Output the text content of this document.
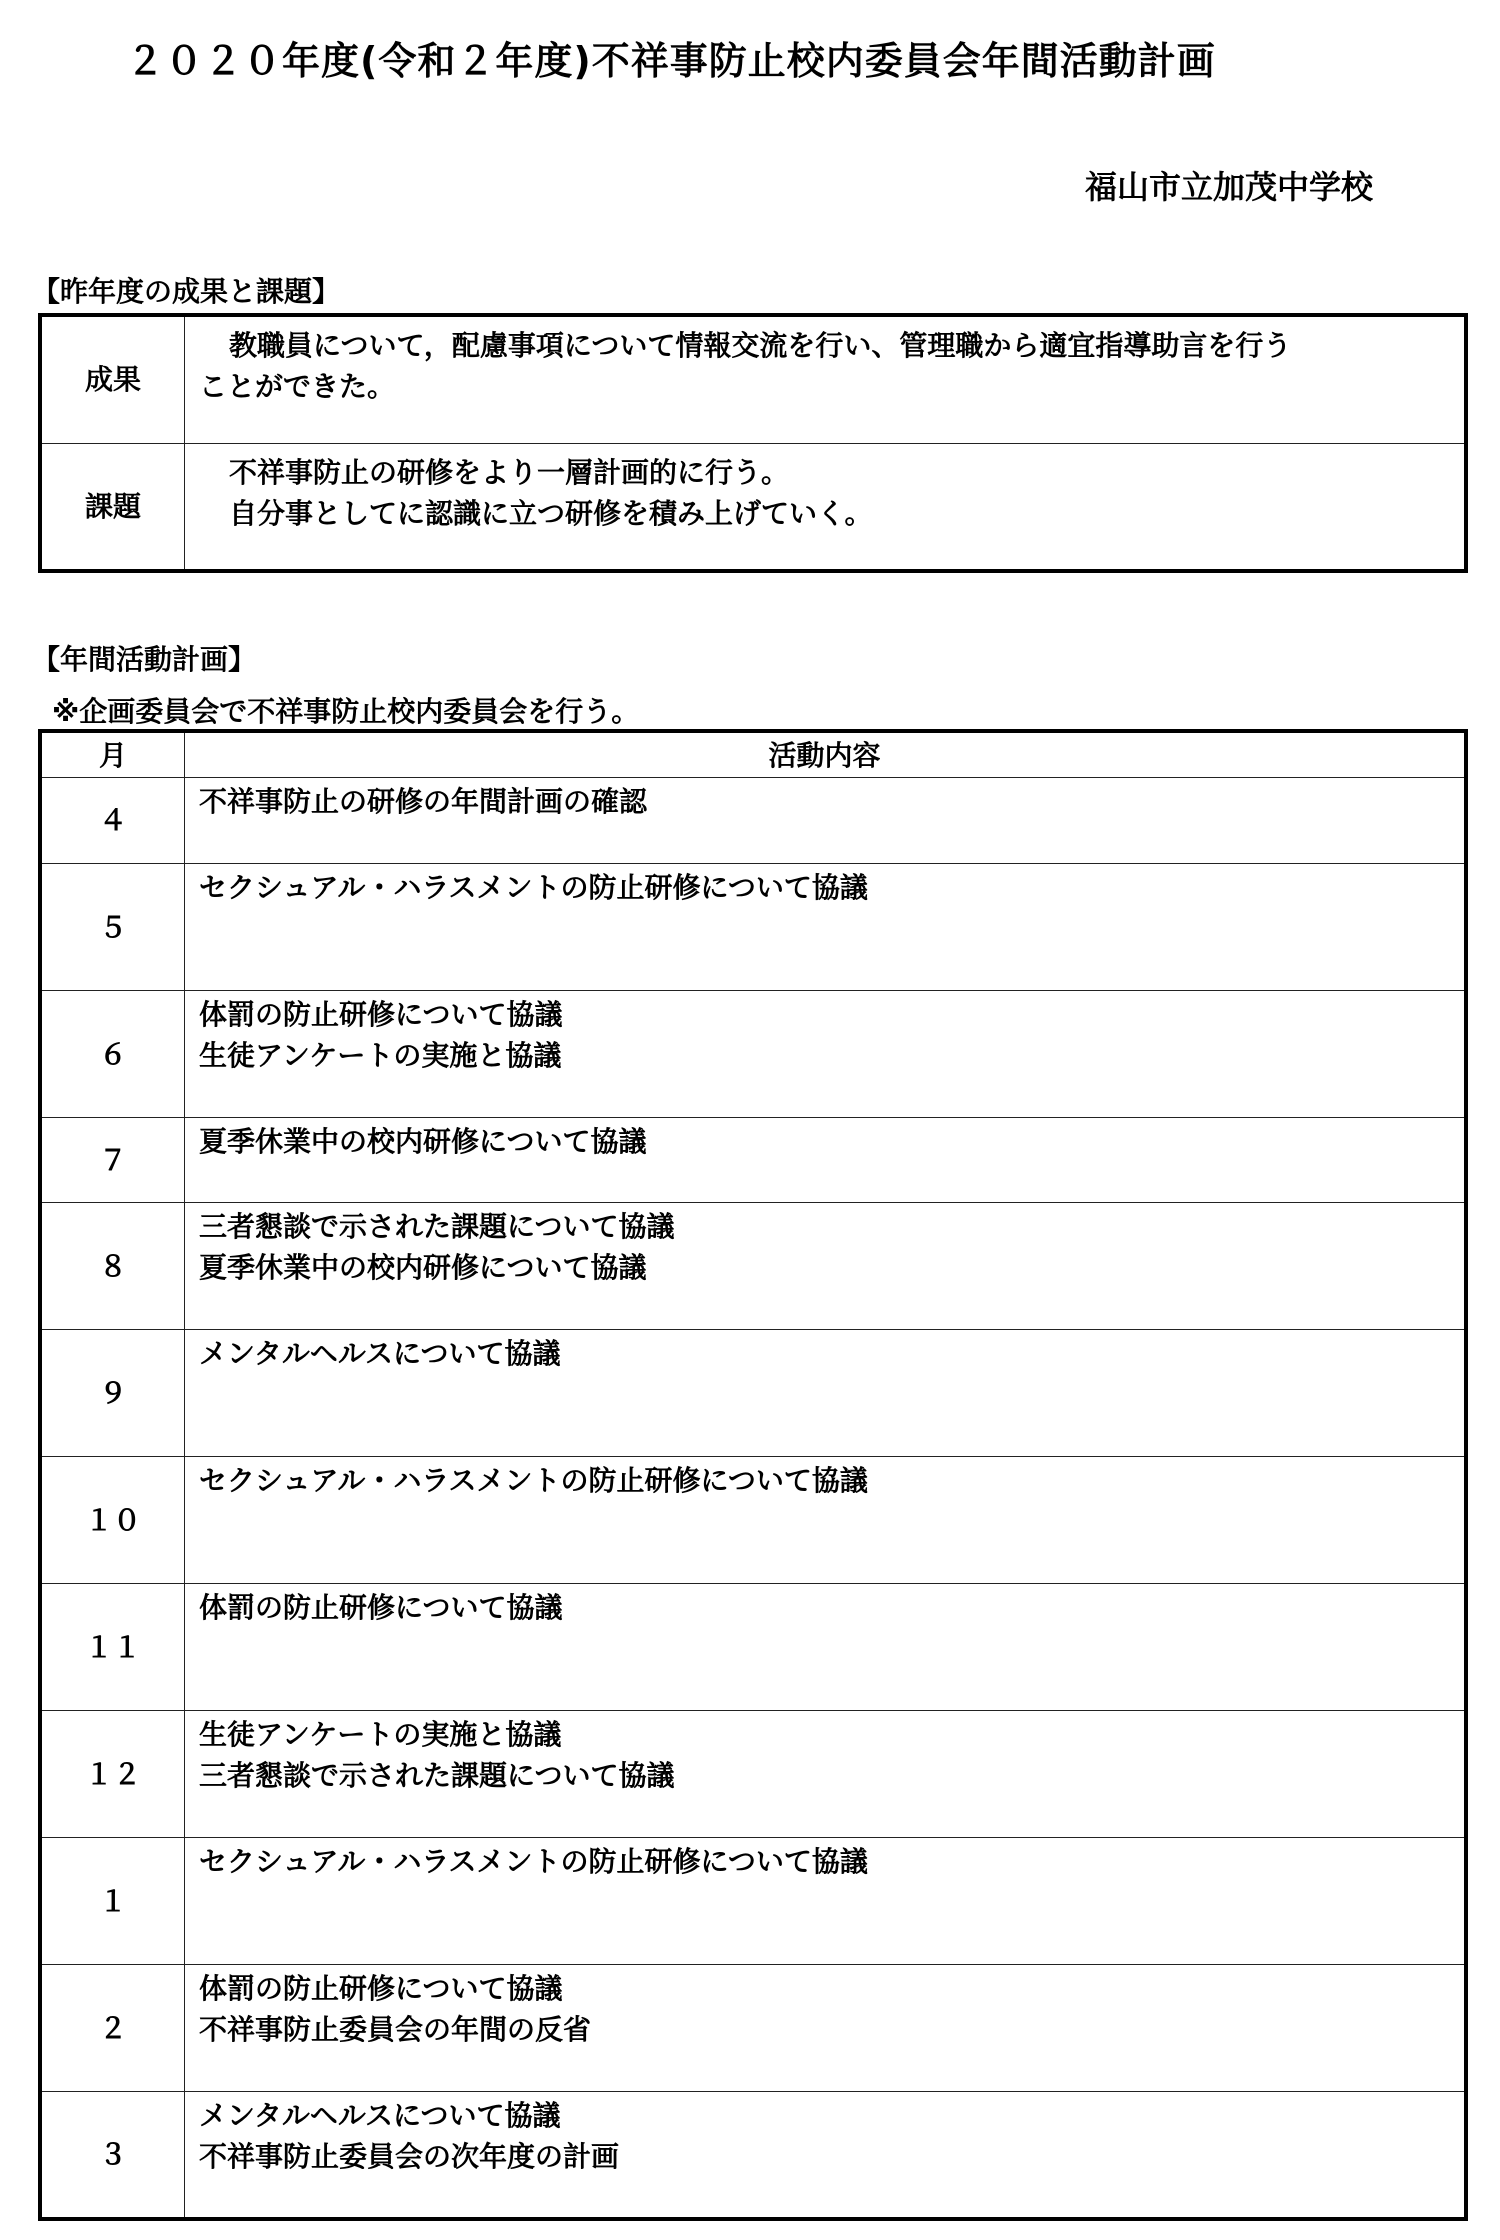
２０２０年度(令和２年度)不祥事防止校内委員会年間活動計画
福山市立加茂中学校
【昨年度の成果と課題】
成果	教職員について，配慮事項について情報交流を行い、管理職から適宜指導助言を行う
ことができた。

課題	不祥事防止の研修をより一層計画的に行う。
自分事としてに認識に立つ研修を積み上げていく。
【年間活動計画】
※企画委員会で不祥事防止校内委員会を行う。
月	活動内容
４	不祥事防止の研修の年間計画の確認

５	セクシュアル・ハラスメントの防止研修について協議

６	体罰の防止研修について協議
生徒アンケートの実施と協議

７	夏季休業中の校内研修について協議

８	三者懇談で示された課題について協議
夏季休業中の校内研修について協議

９	メンタルヘルスについて協議

１０	セクシュアル・ハラスメントの防止研修について協議

１１	体罰の防止研修について協議

１２	生徒アンケートの実施と協議
三者懇談で示された課題について協議

１	セクシュアル・ハラスメントの防止研修について協議

２	体罰の防止研修について協議
不祥事防止委員会の年間の反省

３	メンタルヘルスについて協議
不祥事防止委員会の次年度の計画
